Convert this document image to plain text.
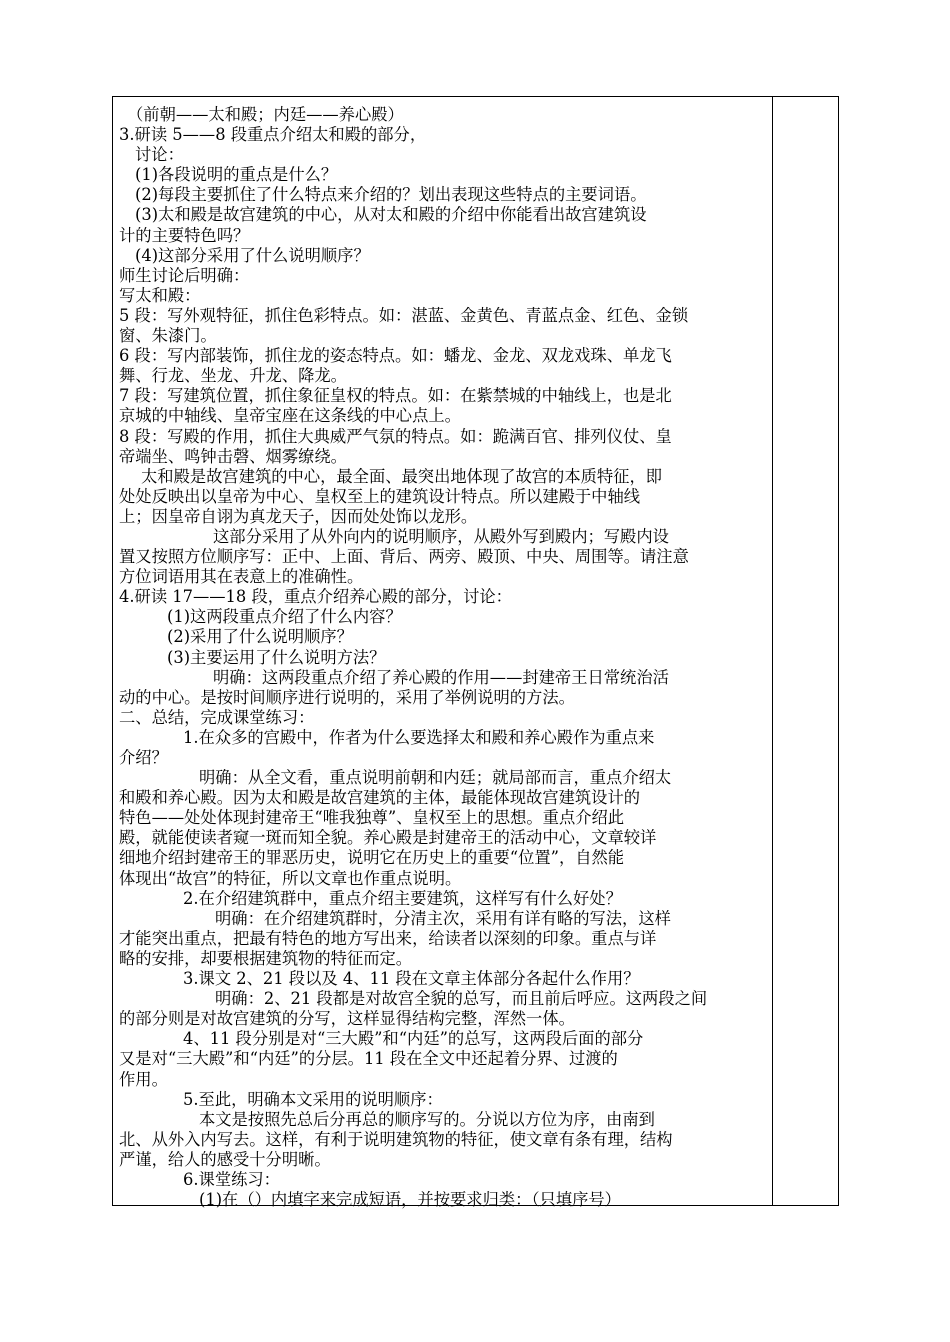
（前朝——太和殿；内廷——养心殿）
3.研读 5——8 段重点介绍太和殿的部分，
讨论：
(1)各段说明的重点是什么？
(2)每段主要抓住了什么特点来介绍的？划出表现这些特点的主要词语。
(3)太和殿是故宫建筑的中心，从对太和殿的介绍中你能看出故宫建筑设
计的主要特色吗？
(4)这部分采用了什么说明顺序？
师生讨论后明确：
写太和殿：
5 段：写外观特征，抓住色彩特点。如：湛蓝、金黄色、青蓝点金、红色、金锁
窗、朱漆门。
6 段：写内部装饰，抓住龙的姿态特点。如：蟠龙、金龙、双龙戏珠、单龙飞
舞、行龙、坐龙、升龙、降龙。
7 段：写建筑位置，抓住象征皇权的特点。如：在紫禁城的中轴线上，也是北
京城的中轴线、皇帝宝座在这条线的中心点上。
8 段：写殿的作用，抓住大典威严气氛的特点。如：跪满百官、排列仪仗、皇
帝端坐、鸣钟击磬、烟雾缭绕。
太和殿是故宫建筑的中心，最全面、最突出地体现了故宫的本质特征，即
处处反映出以皇帝为中心、皇权至上的建筑设计特点。所以建殿于中轴线
上；因皇帝自诩为真龙天子，因而处处饰以龙形。
这部分采用了从外向内的说明顺序，从殿外写到殿内；写殿内设
置又按照方位顺序写：正中、上面、背后、两旁、殿顶、中央、周围等。请注意
方位词语用其在表意上的准确性。
4.研读 17——18 段，重点介绍养心殿的部分，讨论：
(1)这两段重点介绍了什么内容？
(2)采用了什么说明顺序？
(3)主要运用了什么说明方法？
明确：这两段重点介绍了养心殿的作用——封建帝王日常统治活
动的中心。是按时间顺序进行说明的，采用了举例说明的方法。
二、总结，完成课堂练习：
1.在众多的宫殿中，作者为什么要选择太和殿和养心殿作为重点来
介绍？
明确：从全文看，重点说明前朝和内廷；就局部而言，重点介绍太
和殿和养心殿。因为太和殿是故宫建筑的主体，最能体现故宫建筑设计的
特色——处处体现封建帝王“唯我独尊”、皇权至上的思想。重点介绍此
殿，就能使读者窥一斑而知全貌。养心殿是封建帝王的活动中心，文章较详
细地介绍封建帝王的罪恶历史，说明它在历史上的重要“位置”，自然能
体现出“故宫”的特征，所以文章也作重点说明。
2.在介绍建筑群中，重点介绍主要建筑，这样写有什么好处？
明确：在介绍建筑群时，分清主次，采用有详有略的写法，这样
才能突出重点，把最有特色的地方写出来，给读者以深刻的印象。重点与详
略的安排，却要根据建筑物的特征而定。
3.课文 2、21 段以及 4、11 段在文章主体部分各起什么作用？
明确：2、21 段都是对故宫全貌的总写，而且前后呼应。这两段之间
的部分则是对故宫建筑的分写，这样显得结构完整，浑然一体。
4、11 段分别是对“三大殿”和“内廷”的总写，这两段后面的部分
又是对“三大殿”和“内廷”的分层。11 段在全文中还起着分界、过渡的
作用。
5.至此，明确本文采用的说明顺序：
本文是按照先总后分再总的顺序写的。分说以方位为序，由南到
北、从外入内写去。这样，有利于说明建筑物的特征，使文章有条有理，结构
严谨，给人的感受十分明晰。
6.课堂练习：
(1)在（）内填字来完成短语，并按要求归类：（只填序号）
